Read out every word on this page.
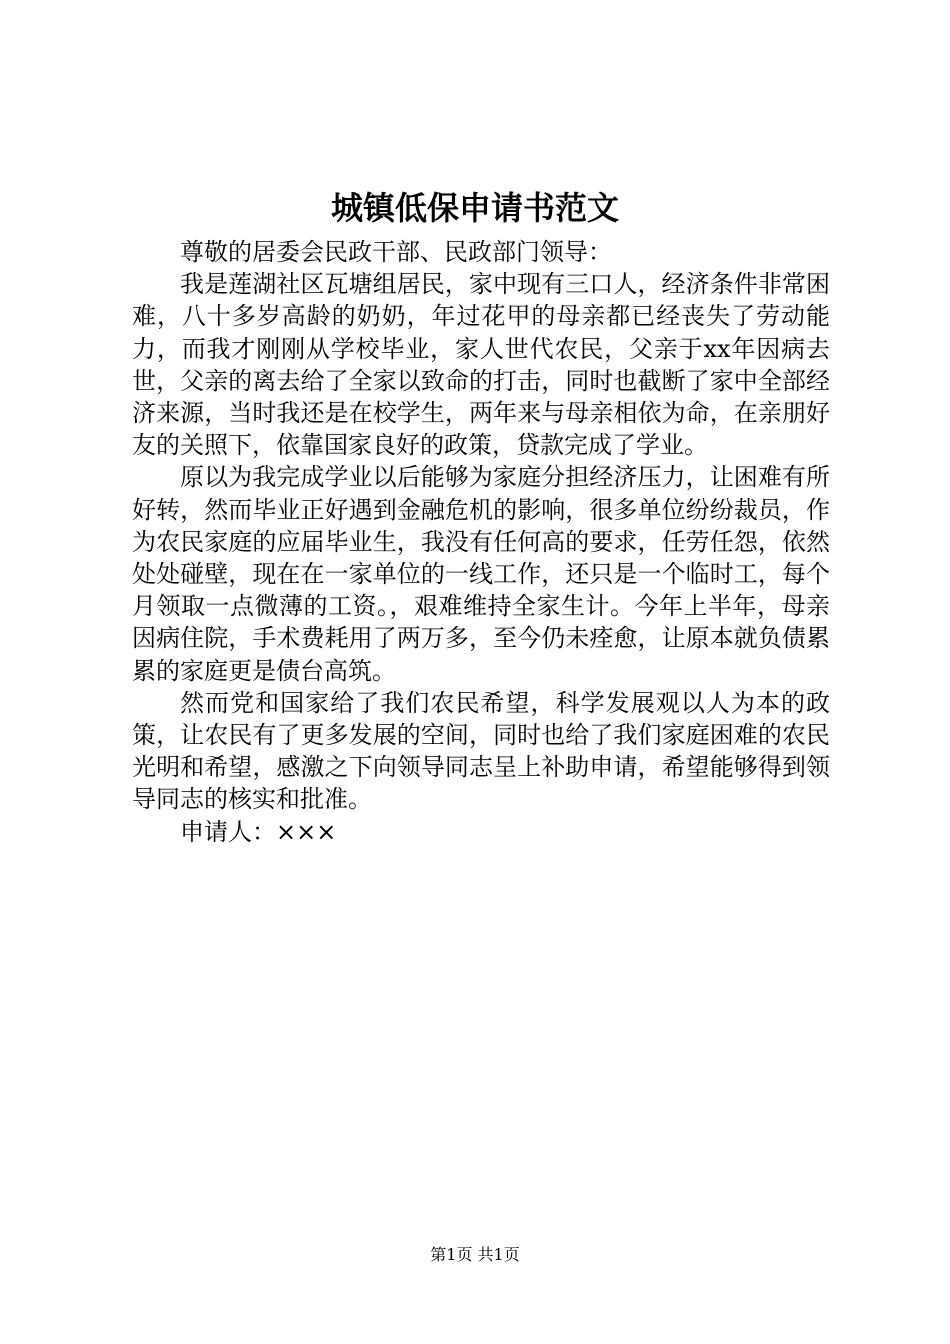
城镇低保申请书范文

尊敬的居委会民政干部、民政部门领导：

我是莲湖社区瓦塘组居民，家中现有三口人，经济条件非常困难，八十多岁高龄的奶奶，年过花甲的母亲都已经丧失了劳动能力，而我才刚刚从学校毕业，家人世代农民，父亲于xx年因病去世，父亲的离去给了全家以致命的打击，同时也截断了家中全部经济来源，当时我还是在校学生，两年来与母亲相依为命，在亲朋好友的关照下，依靠国家良好的政策，贷款完成了学业。

原以为我完成学业以后能够为家庭分担经济压力，让困难有所好转，然而毕业正好遇到金融危机的影响，很多单位纷纷裁员，作为农民家庭的应届毕业生，我没有任何高的要求，任劳任怨，依然处处碰壁，现在在一家单位的一线工作，还只是一个临时工，每个月领取一点微薄的工资。，艰难维持全家生计。今年上半年，母亲因病住院，手术费耗用了两万多，至今仍未痊愈，让原本就负债累累的家庭更是债台高筑。

然而党和国家给了我们农民希望，科学发展观以人为本的政策，让农民有了更多发展的空间，同时也给了我们家庭困难的农民光明和希望，感激之下向领导同志呈上补助申请，希望能够得到领导同志的核实和批准。

申请人：×××

第1页 共1页
